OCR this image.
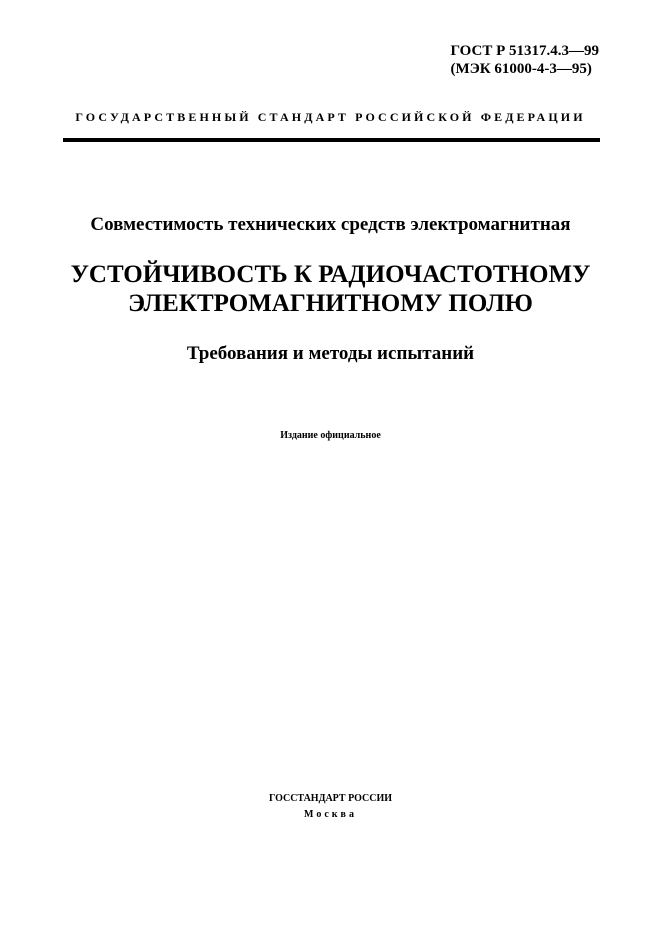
ГОСТ Р 51317.4.3—99
(МЭК 61000-4-3—95)
ГОСУДАРСТВЕННЫЙ СТАНДАРТ РОССИЙСКОЙ ФЕДЕРАЦИИ
Совместимость технических средств электромагнитная
УСТОЙЧИВОСТЬ К РАДИОЧАСТОТНОМУ
ЭЛЕКТРОМАГНИТНОМУ ПОЛЮ
Требования и методы испытаний
Издание официальное
ГОССТАНДАРТ РОССИИ
Москва
